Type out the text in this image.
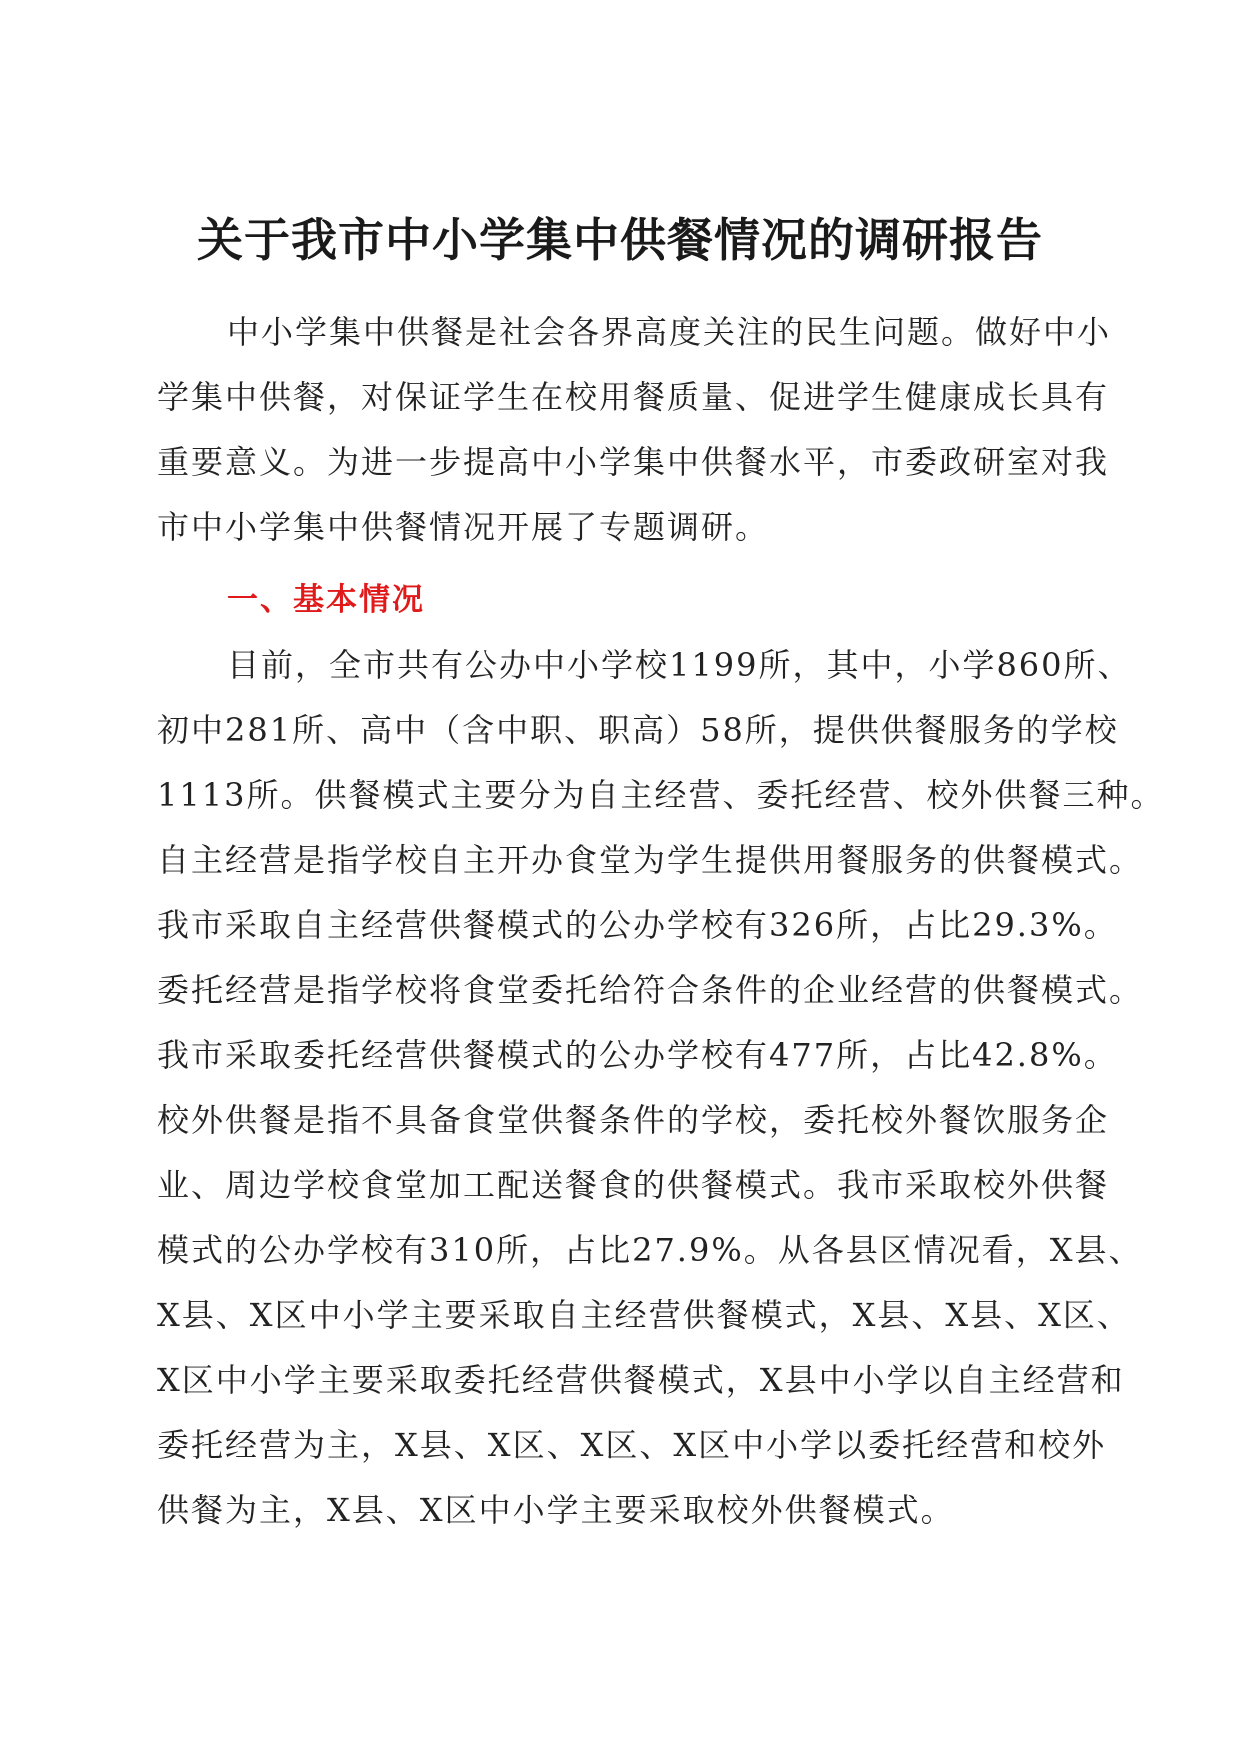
关于我市中小学集中供餐情况的调研报告
中小学集中供餐是社会各界高度关注的民生问题。做好中小
学集中供餐，对保证学生在校用餐质量、促进学生健康成长具有
重要意义。为进一步提高中小学集中供餐水平，市委政研室对我
市中小学集中供餐情况开展了专题调研。
一、基本情况
目前，全市共有公办中小学校1199所，其中，小学860所、
初中281所、高中（含中职、职高）58所，提供供餐服务的学校
1113所。供餐模式主要分为自主经营、委托经营、校外供餐三种。
自主经营是指学校自主开办食堂为学生提供用餐服务的供餐模式。
我市采取自主经营供餐模式的公办学校有326所，占比29.3%。
委托经营是指学校将食堂委托给符合条件的企业经营的供餐模式。
我市采取委托经营供餐模式的公办学校有477所，占比42.8%。
校外供餐是指不具备食堂供餐条件的学校，委托校外餐饮服务企
业、周边学校食堂加工配送餐食的供餐模式。我市采取校外供餐
模式的公办学校有310所，占比27.9%。从各县区情况看，X县、
X县、X区中小学主要采取自主经营供餐模式，X县、X县、X区、
X区中小学主要采取委托经营供餐模式，X县中小学以自主经营和
委托经营为主，X县、X区、X区、X区中小学以委托经营和校外
供餐为主，X县、X区中小学主要采取校外供餐模式。
